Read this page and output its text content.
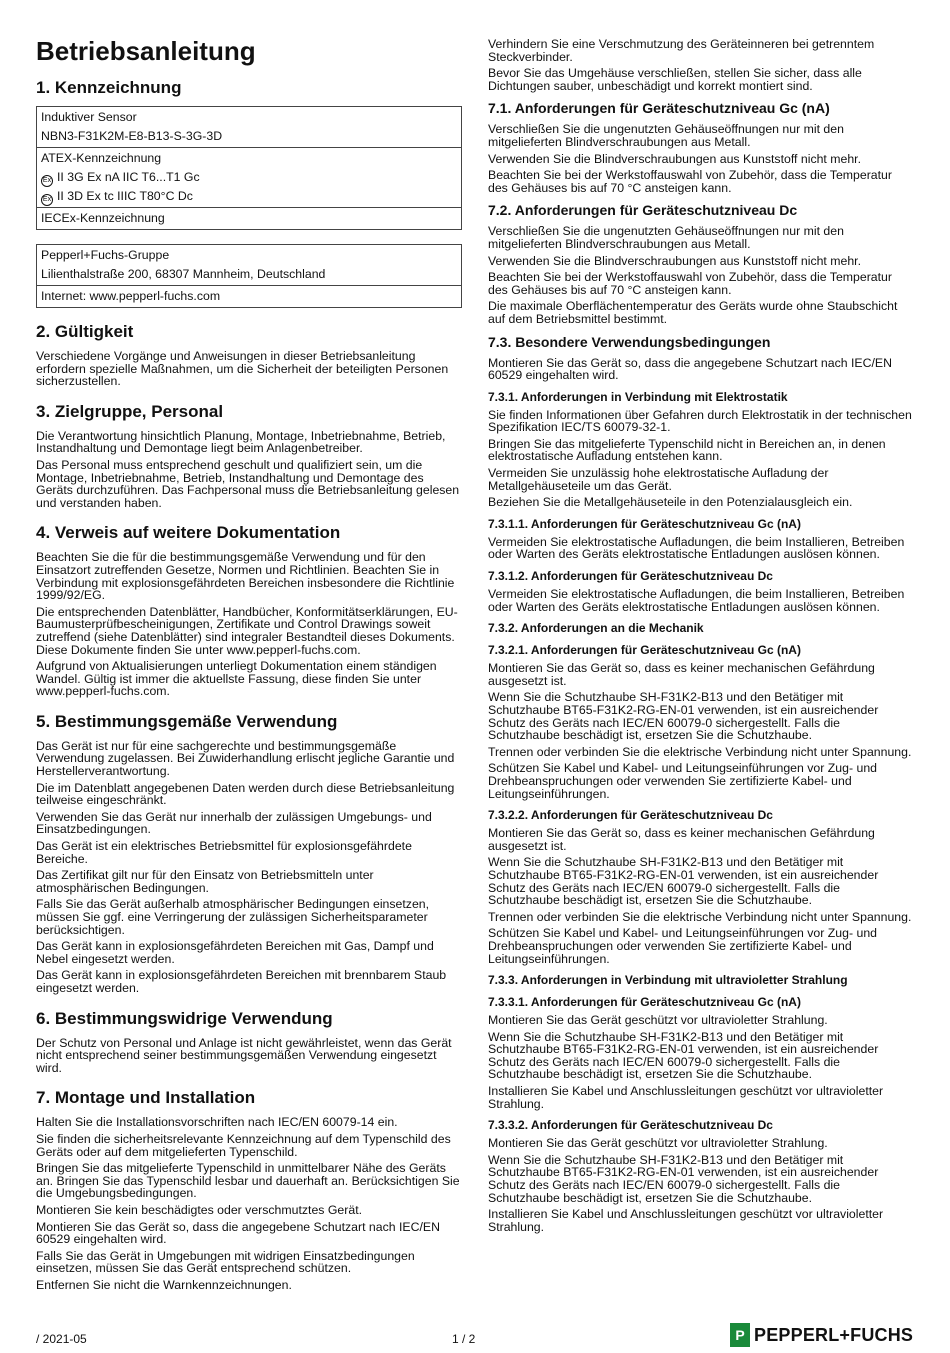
Betriebsanleitung
1. Kennzeichnung
Induktiver Sensor
NBN3-F31K2M-E8-B13-S-3G-3D
ATEX-Kennzeichnung
Ex II 3G Ex nA IIC T6...T1 Gc
Ex II 3D Ex tc IIIC T80°C Dc
IECEx-Kennzeichnung
Pepperl+Fuchs-Gruppe
Lilienthalstraße 200, 68307 Mannheim, Deutschland
Internet: www.pepperl-fuchs.com
2. Gültigkeit

Verschiedene Vorgänge und Anweisungen in dieser Betriebsanleitung erfordern spezielle Maßnahmen, um die Sicherheit der beteiligten Personen sicherzustellen.

3. Zielgruppe, Personal

Die Verantwortung hinsichtlich Planung, Montage, Inbetriebnahme, Betrieb, Instandhaltung und Demontage liegt beim Anlagenbetreiber.

Das Personal muss entsprechend geschult und qualifiziert sein, um die Montage, Inbetriebnahme, Betrieb, Instandhaltung und Demontage des Geräts durchzuführen. Das Fachpersonal muss die Betriebsanleitung gelesen und verstanden haben.

4. Verweis auf weitere Dokumentation

Beachten Sie die für die bestimmungsgemäße Verwendung und für den Einsatzort zutreffenden Gesetze, Normen und Richtlinien. Beachten Sie in Verbindung mit explosionsgefährdeten Bereichen insbesondere die Richtlinie 1999/92/EG.

Die entsprechenden Datenblätter, Handbücher, Konformitätserklärungen, EU-Baumusterprüfbescheinigungen, Zertifikate und Control Drawings soweit zutreffend (siehe Datenblätter) sind integraler Bestandteil dieses Dokuments. Diese Dokumente finden Sie unter www.pepperl-fuchs.com.

Aufgrund von Aktualisierungen unterliegt Dokumentation einem ständigen Wandel. Gültig ist immer die aktuellste Fassung, diese finden Sie unter www.pepperl-fuchs.com.

5. Bestimmungsgemäße Verwendung

Das Gerät ist nur für eine sachgerechte und bestimmungsgemäße Verwendung zugelassen. Bei Zuwiderhandlung erlischt jegliche Garantie und Herstellerverantwortung.

Die im Datenblatt angegebenen Daten werden durch diese Betriebsanleitung teilweise eingeschränkt.

Verwenden Sie das Gerät nur innerhalb der zulässigen Umgebungs- und Einsatzbedingungen.

Das Gerät ist ein elektrisches Betriebsmittel für explosionsgefährdete Bereiche.

Das Zertifikat gilt nur für den Einsatz von Betriebsmitteln unter atmosphärischen Bedingungen.

Falls Sie das Gerät außerhalb atmosphärischer Bedingungen einsetzen, müssen Sie ggf. eine Verringerung der zulässigen Sicherheitsparameter berücksichtigen.

Das Gerät kann in explosionsgefährdeten Bereichen mit Gas, Dampf und Nebel eingesetzt werden.

Das Gerät kann in explosionsgefährdeten Bereichen mit brennbarem Staub eingesetzt werden.

6. Bestimmungswidrige Verwendung

Der Schutz von Personal und Anlage ist nicht gewährleistet, wenn das Gerät nicht entsprechend seiner bestimmungsgemäßen Verwendung eingesetzt wird.

7. Montage und Installation

Halten Sie die Installationsvorschriften nach IEC/EN 60079-14 ein.

Sie finden die sicherheitsrelevante Kennzeichnung auf dem Typenschild des Geräts oder auf dem mitgelieferten Typenschild.

Bringen Sie das mitgelieferte Typenschild in unmittelbarer Nähe des Geräts an. Bringen Sie das Typenschild lesbar und dauerhaft an. Berücksichtigen Sie die Umgebungsbedingungen.

Montieren Sie kein beschädigtes oder verschmutztes Gerät.

Montieren Sie das Gerät so, dass die angegebene Schutzart nach IEC/EN 60529 eingehalten wird.

Falls Sie das Gerät in Umgebungen mit widrigen Einsatzbedingungen einsetzen, müssen Sie das Gerät entsprechend schützen.

Entfernen Sie nicht die Warnkennzeichnungen.

Verhindern Sie eine Verschmutzung des Geräteinneren bei getrenntem Steckverbinder.

Bevor Sie das Umgehäuse verschließen, stellen Sie sicher, dass alle Dichtungen sauber, unbeschädigt und korrekt montiert sind.

7.1. Anforderungen für Geräteschutzniveau Gc (nA)

Verschließen Sie die ungenutzten Gehäuseöffnungen nur mit den mitgelieferten Blindverschraubungen aus Metall.

Verwenden Sie die Blindverschraubungen aus Kunststoff nicht mehr.

Beachten Sie bei der Werkstoffauswahl von Zubehör, dass die Temperatur des Gehäuses bis auf 70 °C ansteigen kann.

7.2. Anforderungen für Geräteschutzniveau Dc

Verschließen Sie die ungenutzten Gehäuseöffnungen nur mit den mitgelieferten Blindverschraubungen aus Metall.

Verwenden Sie die Blindverschraubungen aus Kunststoff nicht mehr.

Beachten Sie bei der Werkstoffauswahl von Zubehör, dass die Temperatur des Gehäuses bis auf 70 °C ansteigen kann.

Die maximale Oberflächentemperatur des Geräts wurde ohne Staubschicht auf dem Betriebsmittel bestimmt.

7.3. Besondere Verwendungsbedingungen

Montieren Sie das Gerät so, dass die angegebene Schutzart nach IEC/EN 60529 eingehalten wird.

7.3.1. Anforderungen in Verbindung mit Elektrostatik

Sie finden Informationen über Gefahren durch Elektrostatik in der technischen Spezifikation IEC/TS 60079-32-1.

Bringen Sie das mitgelieferte Typenschild nicht in Bereichen an, in denen elektrostatische Aufladung entstehen kann.

Vermeiden Sie unzulässig hohe elektrostatische Aufladung der Metallgehäuseteile um das Gerät.

Beziehen Sie die Metallgehäuseteile in den Potenzialausgleich ein.

7.3.1.1. Anforderungen für Geräteschutzniveau Gc (nA)

Vermeiden Sie elektrostatische Aufladungen, die beim Installieren, Betreiben oder Warten des Geräts elektrostatische Entladungen auslösen können.

7.3.1.2. Anforderungen für Geräteschutzniveau Dc

Vermeiden Sie elektrostatische Aufladungen, die beim Installieren, Betreiben oder Warten des Geräts elektrostatische Entladungen auslösen können.

7.3.2. Anforderungen an die Mechanik
7.3.2.1. Anforderungen für Geräteschutzniveau Gc (nA)

Montieren Sie das Gerät so, dass es keiner mechanischen Gefährdung ausgesetzt ist.

Wenn Sie die Schutzhaube SH-F31K2-B13 und den Betätiger mit Schutzhaube BT65-F31K2-RG-EN-01 verwenden, ist ein ausreichender Schutz des Geräts nach IEC/EN 60079-0 sichergestellt. Falls die Schutzhaube beschädigt ist, ersetzen Sie die Schutzhaube.

Trennen oder verbinden Sie die elektrische Verbindung nicht unter Spannung.

Schützen Sie Kabel und Kabel- und Leitungseinführungen vor Zug- und Drehbeanspruchungen oder verwenden Sie zertifizierte Kabel- und Leitungseinführungen.

7.3.2.2. Anforderungen für Geräteschutzniveau Dc

Montieren Sie das Gerät so, dass es keiner mechanischen Gefährdung ausgesetzt ist.

Wenn Sie die Schutzhaube SH-F31K2-B13 und den Betätiger mit Schutzhaube BT65-F31K2-RG-EN-01 verwenden, ist ein ausreichender Schutz des Geräts nach IEC/EN 60079-0 sichergestellt. Falls die Schutzhaube beschädigt ist, ersetzen Sie die Schutzhaube.

Trennen oder verbinden Sie die elektrische Verbindung nicht unter Spannung.

Schützen Sie Kabel und Kabel- und Leitungseinführungen vor Zug- und Drehbeanspruchungen oder verwenden Sie zertifizierte Kabel- und Leitungseinführungen.

7.3.3. Anforderungen in Verbindung mit ultravioletter Strahlung
7.3.3.1. Anforderungen für Geräteschutzniveau Gc (nA)

Montieren Sie das Gerät geschützt vor ultravioletter Strahlung.

Wenn Sie die Schutzhaube SH-F31K2-B13 und den Betätiger mit Schutzhaube BT65-F31K2-RG-EN-01 verwenden, ist ein ausreichender Schutz des Geräts nach IEC/EN 60079-0 sichergestellt. Falls die Schutzhaube beschädigt ist, ersetzen Sie die Schutzhaube.

Installieren Sie Kabel und Anschlussleitungen geschützt vor ultravioletter Strahlung.

7.3.3.2. Anforderungen für Geräteschutzniveau Dc

Montieren Sie das Gerät geschützt vor ultravioletter Strahlung.

Wenn Sie die Schutzhaube SH-F31K2-B13 und den Betätiger mit Schutzhaube BT65-F31K2-RG-EN-01 verwenden, ist ein ausreichender Schutz des Geräts nach IEC/EN 60079-0 sichergestellt. Falls die Schutzhaube beschädigt ist, ersetzen Sie die Schutzhaube.

Installieren Sie Kabel und Anschlussleitungen geschützt vor ultravioletter Strahlung.

/ 2021-05	1 / 2	P PEPPERL+FUCHS
